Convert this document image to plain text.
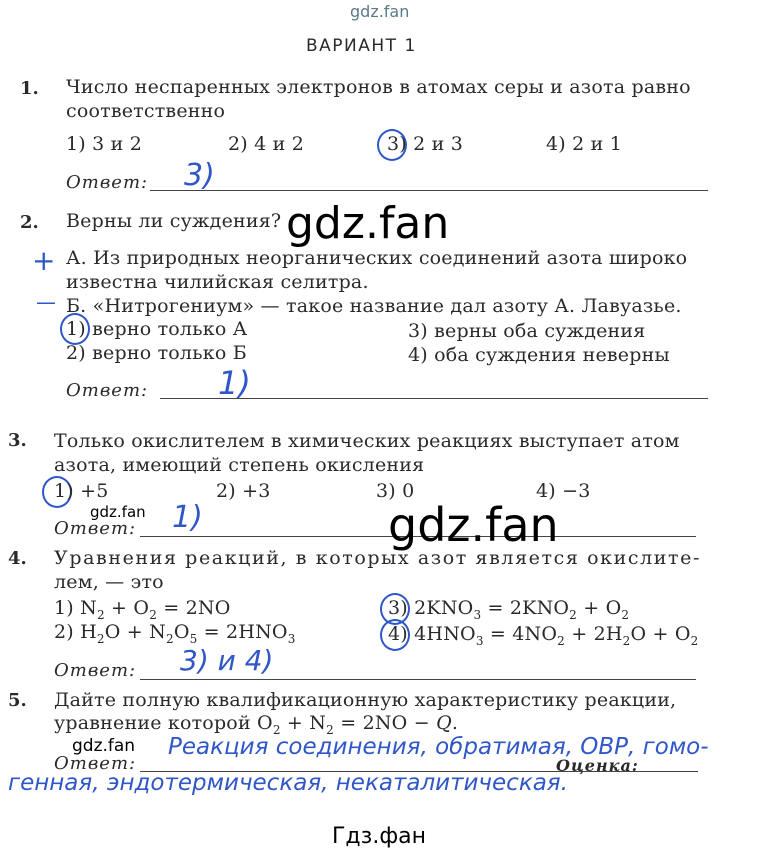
gdz.fan
ВАРИАНТ 1
1. Число неспаренных электронов в атомах серы и азота равно
соответственно
1) 3 и 2	2) 4 и 2	3) 2 и 3	4) 2 и 1
Ответ: 3)
2. Верны ли суждения? gdz.fan
+ А. Из природных неорганических соединений азота широко
известна чилийская селитра.
— Б. «Нитрогениум» — такое название дал азоту А. Лавуазье.
1) верно только А	3) верны оба суждения
2) верно только Б	4) оба суждения неверны
Ответ: 1)
3. Только окислителем в химических реакциях выступает атом
азота, имеющий степень окисления
1) +5	2) +3	3) 0	4) −3
gdz.fan
Ответ: 1)	gdz.fan
4. Уравнения реакций, в которых азот является окислите-
лем, — это
1) $N_2 + O_2 = 2NO$
2) $H_2O + N_2O_5 = 2HNO_3$
3) $2KNO_3 = 2KNO_2 + O_2$
4) $4HNO_3 = 4NO_2 + 2H_2O + O_2$
Ответ: 3) и 4)
5. Дайте полную квалификационную характеристику реакции,
уравнение которой $O_2 + N_2 = 2NO - Q$.
gdz.fan
Ответ:	Оценка:
Реакция соединения, обратимая, ОВР, гомо-
генная, эндотермическая, некаталитическая.
Гдз.фан
